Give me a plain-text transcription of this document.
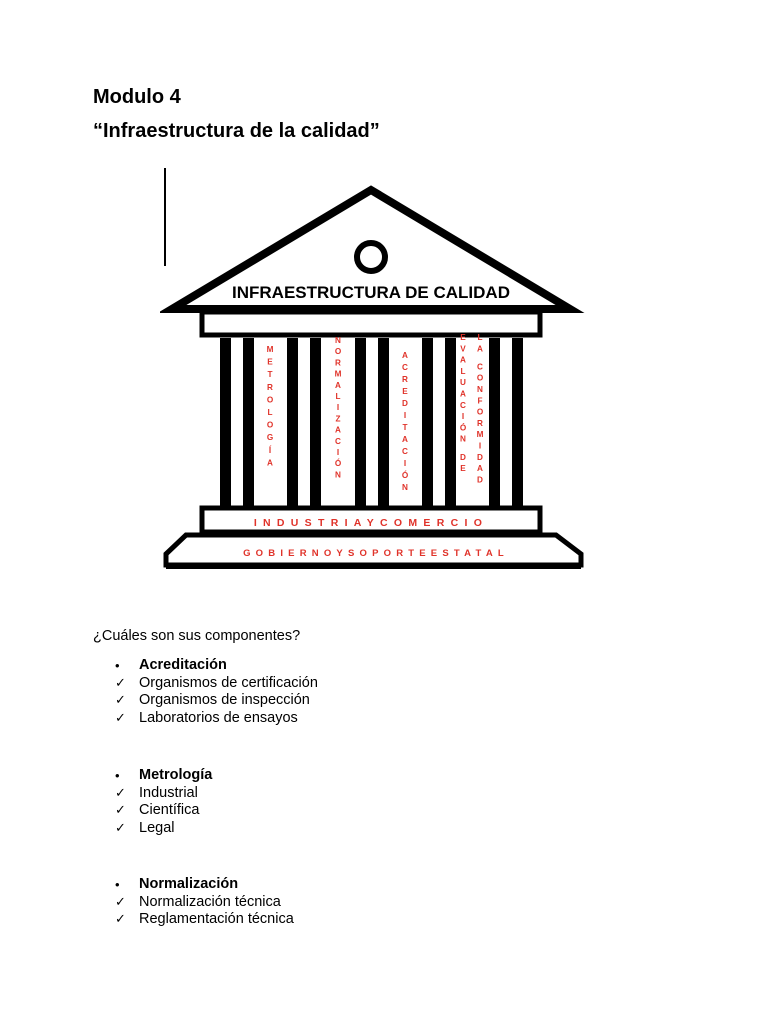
Modulo 4
“Infraestructura de la calidad”
INFRAESTRUCTURA DE CALIDAD
M E T R O L O G Í A
N O R M A L I Z A C I Ó N
A C R E D I T A C I Ó N
E V A L U A C I Ó N D E
L A C O N F O R M I D A D
INDUSTRIAYCOMERCIO
GOBIERNOYSOPORTEESTATAL

¿Cuáles son sus componentes?

•	Acreditación
✓ Organismos de certificación
✓ Organismos de inspección
✓ Laboratorios de ensayos
•	Metrología
✓ Industrial
✓ Científica
✓ Legal
•	Normalización
✓ Normalización técnica
✓ Reglamentación técnica
